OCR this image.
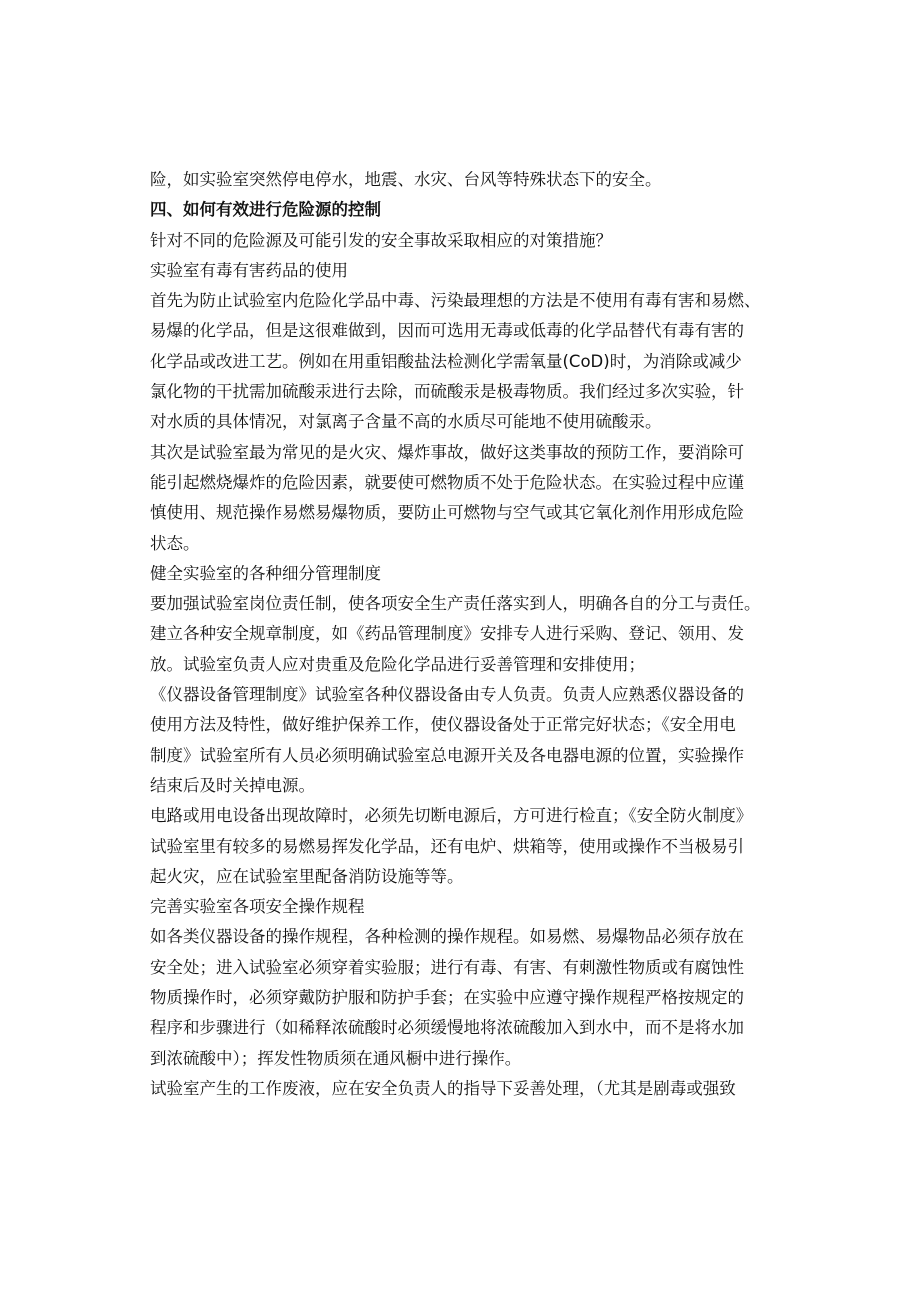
险，如实验室突然停电停水，地震、水灾、台风等特殊状态下的安全。
四、如何有效进行危险源的控制
针对不同的危险源及可能引发的安全事故采取相应的对策措施？
实验室有毒有害药品的使用
首先为防止试验室内危险化学品中毒、污染最理想的方法是不使用有毒有害和易燃、
易爆的化学品，但是这很难做到，因而可选用无毒或低毒的化学品替代有毒有害的
化学品或改进工艺。例如在用重铝酸盐法检测化学需氧量(CoD)时，为消除或减少
氯化物的干扰需加硫酸汞进行去除，而硫酸汞是极毒物质。我们经过多次实验，针
对水质的具体情况，对氯离子含量不高的水质尽可能地不使用硫酸汞。
其次是试验室最为常见的是火灾、爆炸事故，做好这类事故的预防工作，要消除可
能引起燃烧爆炸的危险因素，就要使可燃物质不处于危险状态。在实验过程中应谨
慎使用、规范操作易燃易爆物质，要防止可燃物与空气或其它氧化剂作用形成危险
状态。
健全实验室的各种细分管理制度
要加强试验室岗位责任制，使各项安全生产责任落实到人，明确各自的分工与责任。
建立各种安全规章制度，如《药品管理制度》安排专人进行采购、登记、领用、发
放。试验室负责人应对贵重及危险化学品进行妥善管理和安排使用；
《仪器设备管理制度》试验室各种仪器设备由专人负责。负责人应熟悉仪器设备的
使用方法及特性，做好维护保养工作，使仪器设备处于正常完好状态；《安全用电
制度》试验室所有人员必须明确试验室总电源开关及各电器电源的位置，实验操作
结束后及时关掉电源。
电路或用电设备出现故障时，必须先切断电源后，方可进行检直；《安全防火制度》
试验室里有较多的易燃易挥发化学品，还有电炉、烘箱等，使用或操作不当极易引
起火灾，应在试验室里配备消防设施等等。
完善实验室各项安全操作规程
如各类仪器设备的操作规程，各种检测的操作规程。如易燃、易爆物品必须存放在
安全处；进入试验室必须穿着实验服；进行有毒、有害、有刺激性物质或有腐蚀性
物质操作时，必须穿戴防护服和防护手套；在实验中应遵守操作规程严格按规定的
程序和步骤进行（如稀释浓硫酸时必须缓慢地将浓硫酸加入到水中，而不是将水加
到浓硫酸中）；挥发性物质须在通风橱中进行操作。
试验室产生的工作废液，应在安全负责人的指导下妥善处理，（尤其是剧毒或强致
